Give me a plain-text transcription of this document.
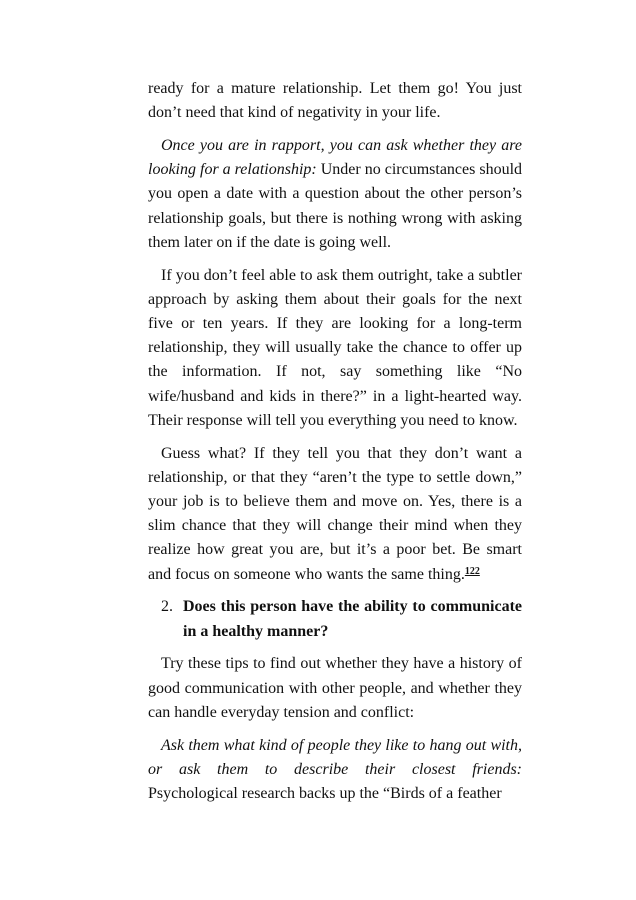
ready for a mature relationship. Let them go! You just don’t need that kind of negativity in your life.

Once you are in rapport, you can ask whether they are looking for a relationship: Under no circumstances should you open a date with a question about the other person’s relationship goals, but there is nothing wrong with asking them later on if the date is going well.

If you don’t feel able to ask them outright, take a subtler approach by asking them about their goals for the next five or ten years. If they are looking for a long-term relationship, they will usually take the chance to offer up the information. If not, say something like “No wife/husband and kids in there?” in a light-hearted way. Their response will tell you everything you need to know.

Guess what? If they tell you that they don’t want a relationship, or that they “aren’t the type to settle down,” your job is to believe them and move on. Yes, there is a slim chance that they will change their mind when they realize how great you are, but it’s a poor bet. Be smart and focus on someone who wants the same thing.$^{122}$

2. Does this person have the ability to communicate in a healthy manner?

Try these tips to find out whether they have a history of good communication with other people, and whether they can handle everyday tension and conflict:

Ask them what kind of people they like to hang out with, or ask them to describe their closest friends: Psychological research backs up the “Birds of a feather
